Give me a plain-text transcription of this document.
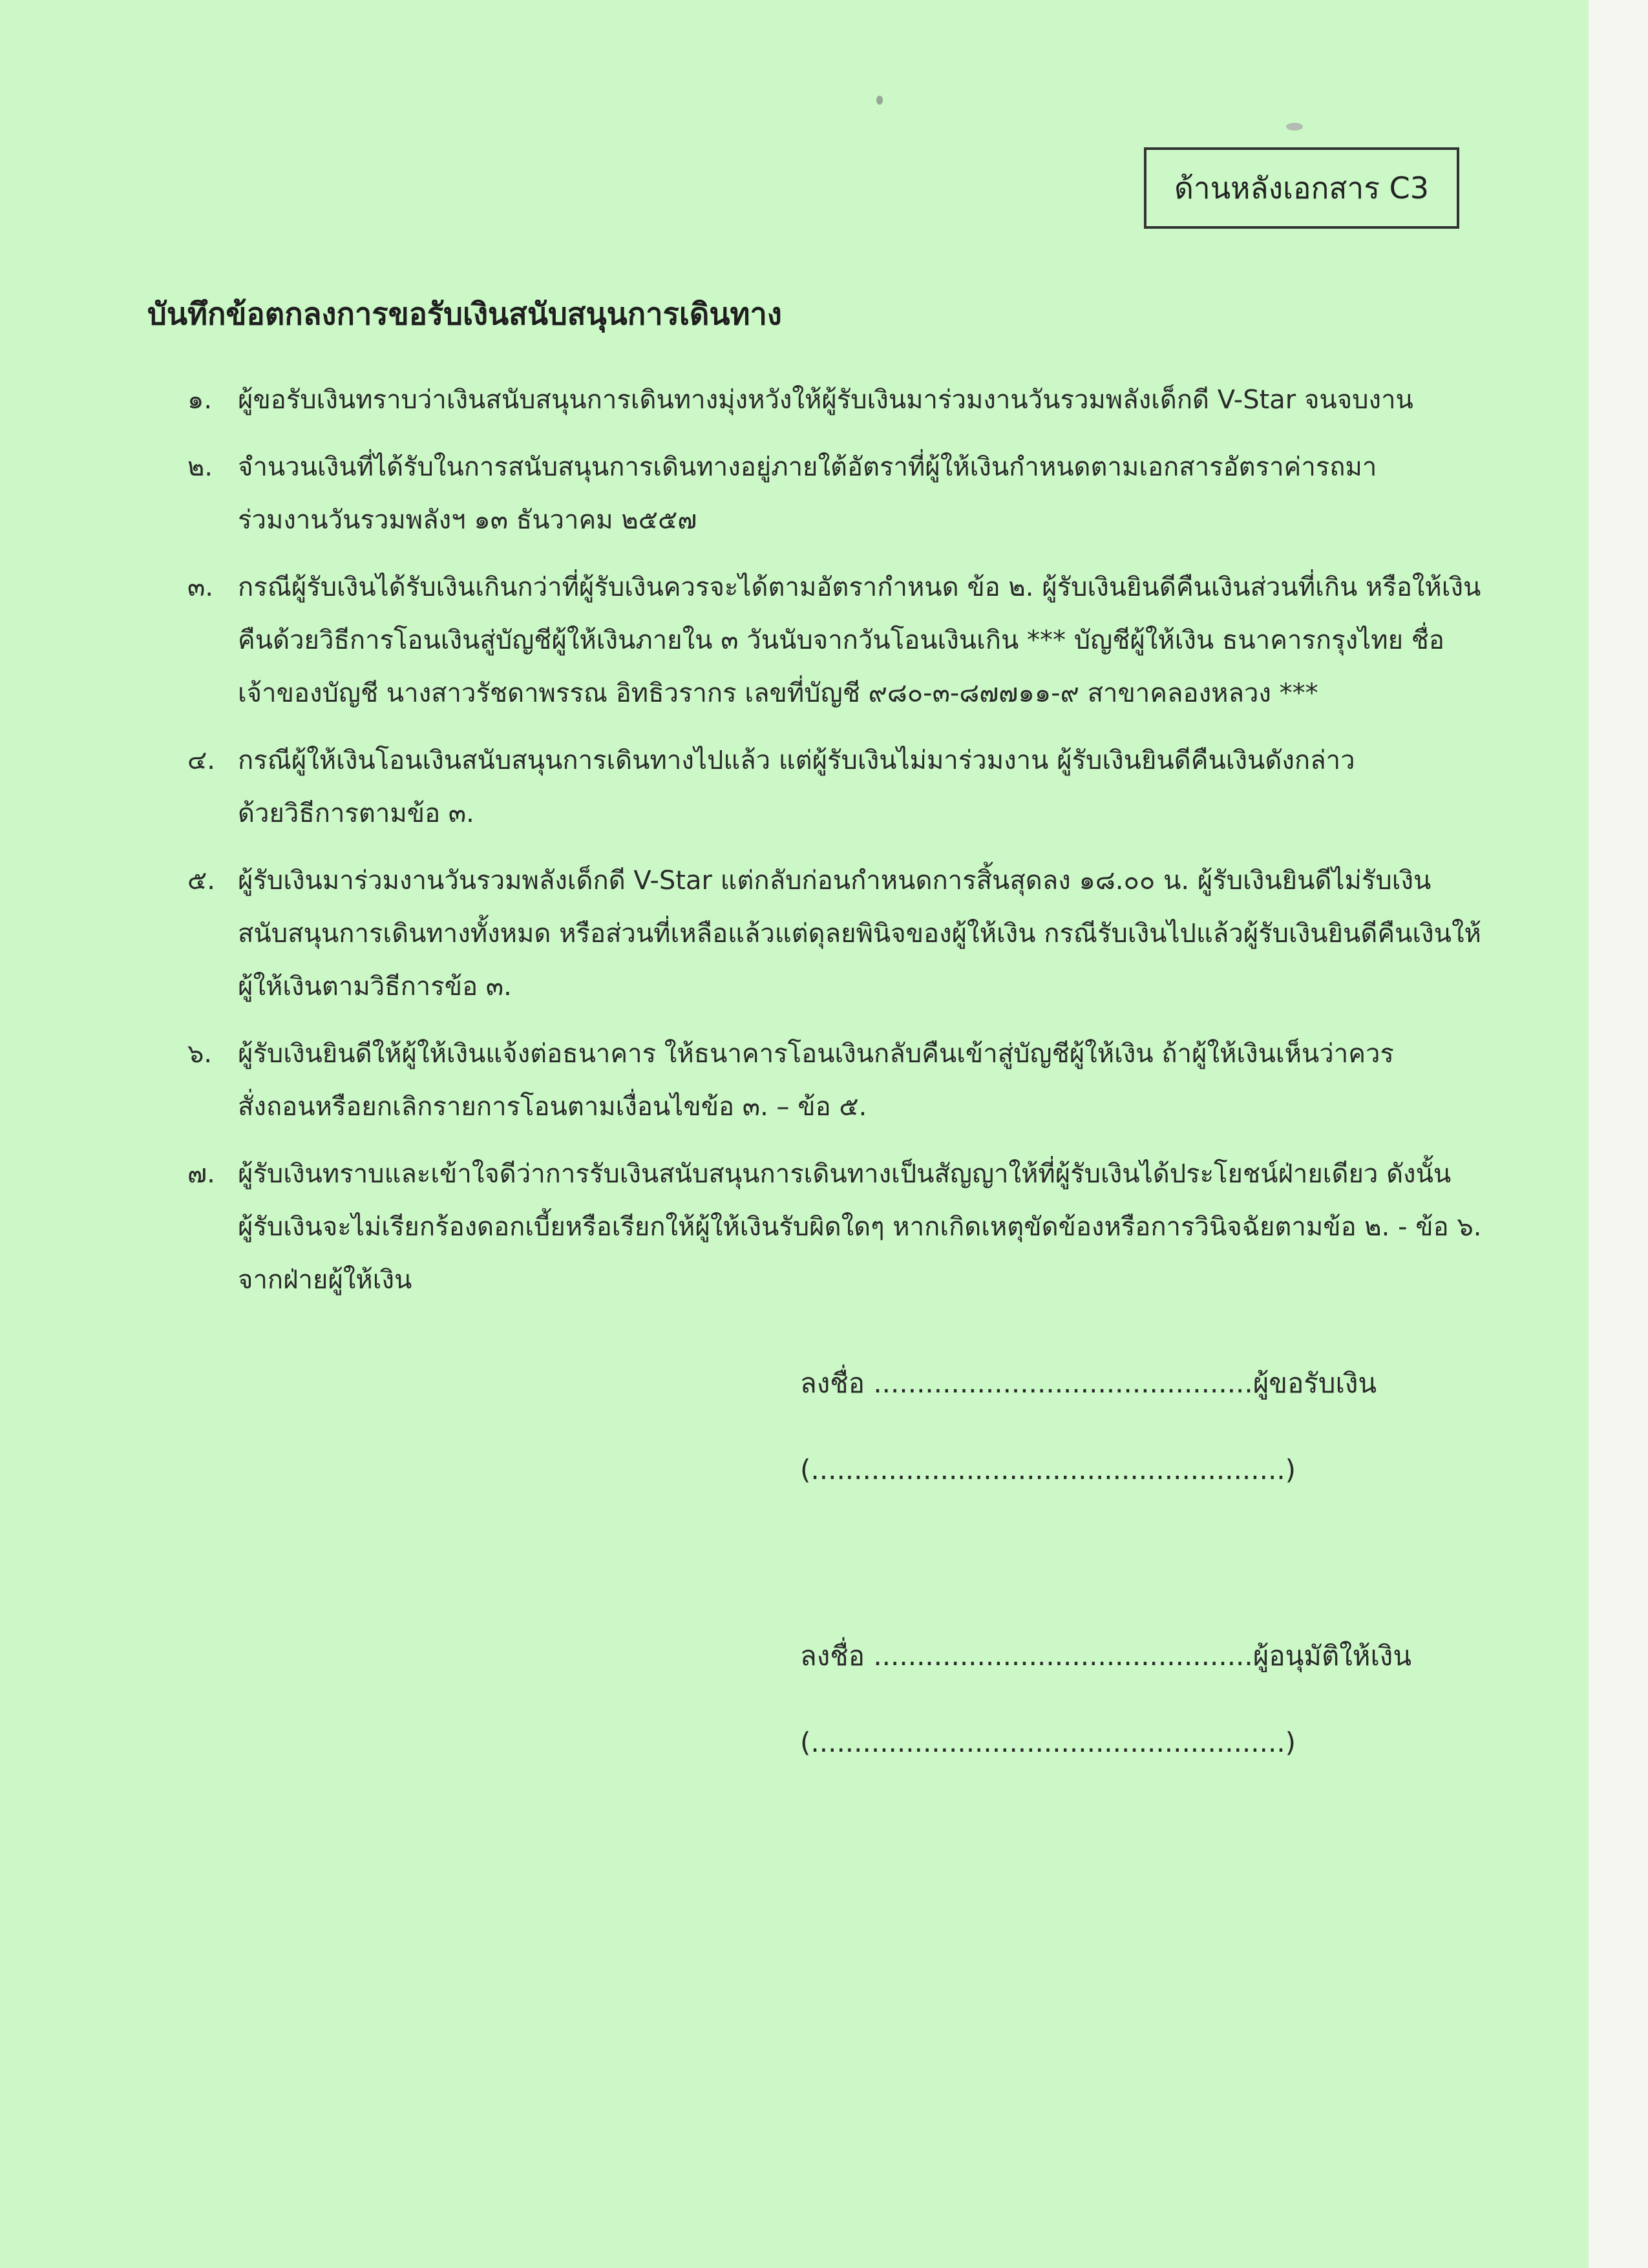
ด้านหลังเอกสาร C3
บันทึกข้อตกลงการขอรับเงินสนับสนุนการเดินทาง
๑. ผู้ขอรับเงินทราบว่าเงินสนับสนุนการเดินทางมุ่งหวังให้ผู้รับเงินมาร่วมงานวันรวมพลังเด็กดี V-Star จนจบงาน
๒. จำนวนเงินที่ได้รับในการสนับสนุนการเดินทางอยู่ภายใต้อัตราที่ผู้ให้เงินกำหนดตามเอกสารอัตราค่ารถมา
ร่วมงานวันรวมพลังฯ ๑๓ ธันวาคม ๒๕๕๗
๓. กรณีผู้รับเงินได้รับเงินเกินกว่าที่ผู้รับเงินควรจะได้ตามอัตรากำหนด ข้อ ๒. ผู้รับเงินยินดีคืนเงินส่วนที่เกิน หรือให้เงิน
คืนด้วยวิธีการโอนเงินสู่บัญชีผู้ให้เงินภายใน ๓ วันนับจากวันโอนเงินเกิน *** บัญชีผู้ให้เงิน ธนาคารกรุงไทย ชื่อ
เจ้าของบัญชี นางสาวรัชดาพรรณ อิทธิวรากร เลขที่บัญชี ๙๘๐-๓-๘๗๗๑๑-๙ สาขาคลองหลวง ***
๔. กรณีผู้ให้เงินโอนเงินสนับสนุนการเดินทางไปแล้ว แต่ผู้รับเงินไม่มาร่วมงาน ผู้รับเงินยินดีคืนเงินดังกล่าว
ด้วยวิธีการตามข้อ ๓.
๕. ผู้รับเงินมาร่วมงานวันรวมพลังเด็กดี V-Star แต่กลับก่อนกำหนดการสิ้นสุดลง ๑๘.๐๐ น. ผู้รับเงินยินดีไม่รับเงิน
สนับสนุนการเดินทางทั้งหมด หรือส่วนที่เหลือแล้วแต่ดุลยพินิจของผู้ให้เงิน กรณีรับเงินไปแล้วผู้รับเงินยินดีคืนเงินให้
ผู้ให้เงินตามวิธีการข้อ ๓.
๖. ผู้รับเงินยินดีให้ผู้ให้เงินแจ้งต่อธนาคาร ให้ธนาคารโอนเงินกลับคืนเข้าสู่บัญชีผู้ให้เงิน ถ้าผู้ให้เงินเห็นว่าควร
สั่งถอนหรือยกเลิกรายการโอนตามเงื่อนไขข้อ ๓. – ข้อ ๕.
๗. ผู้รับเงินทราบและเข้าใจดีว่าการรับเงินสนับสนุนการเดินทางเป็นสัญญาให้ที่ผู้รับเงินได้ประโยชน์ฝ่ายเดียว ดังนั้น
ผู้รับเงินจะไม่เรียกร้องดอกเบี้ยหรือเรียกให้ผู้ให้เงินรับผิดใดๆ หากเกิดเหตุขัดข้องหรือการวินิจฉัยตามข้อ ๒. - ข้อ ๖.
จากฝ่ายผู้ให้เงิน
ลงชื่อ ............................................ผู้ขอรับเงิน
(.......................................................)
ลงชื่อ ............................................ผู้อนุมัติให้เงิน
(.......................................................)
